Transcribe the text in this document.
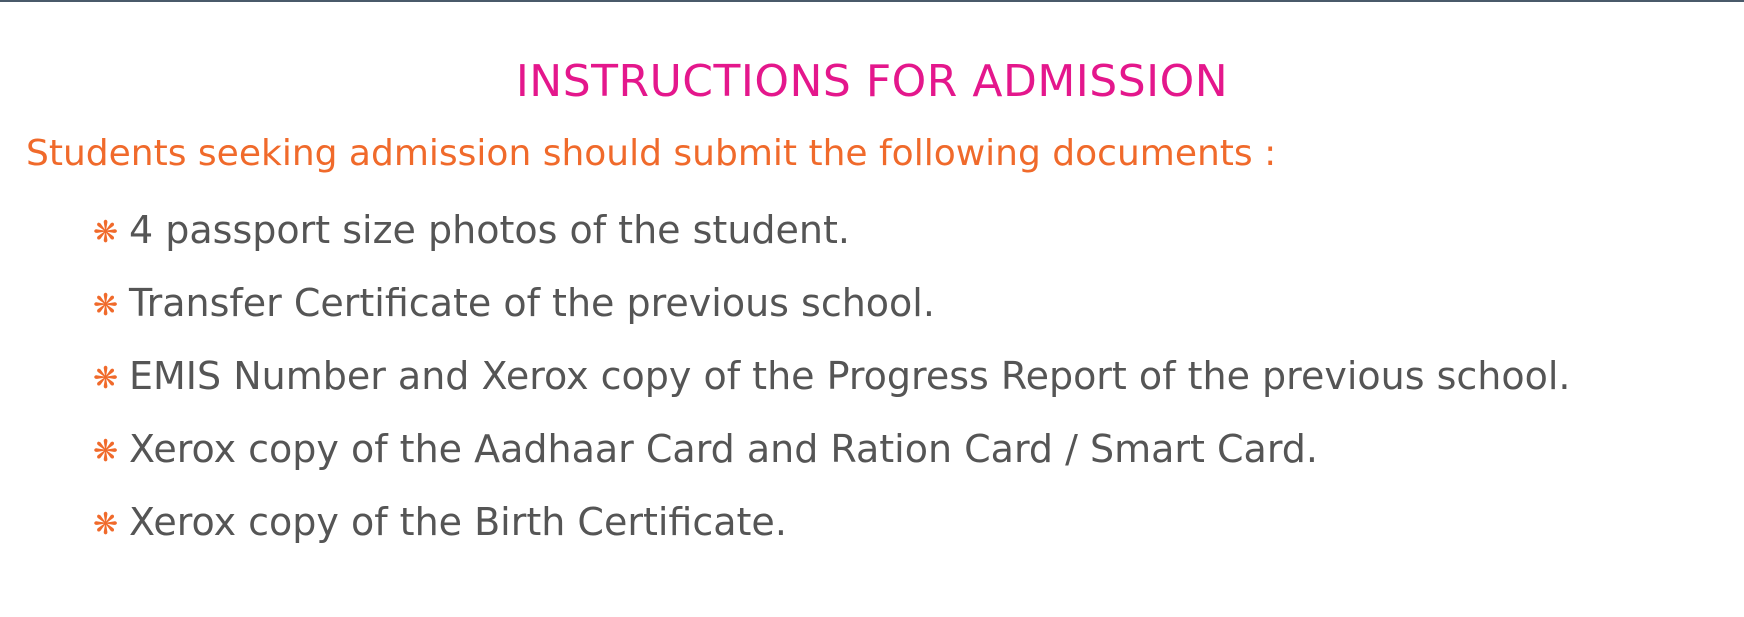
INSTRUCTIONS FOR ADMISSION
Students seeking admission should submit the following documents :
❋ 4 passport size photos of the student.
❋ Transfer Certificate of the previous school.
❋ EMIS Number and Xerox copy of the Progress Report of the previous school.
❋ Xerox copy of the Aadhaar Card and Ration Card / Smart Card.
❋ Xerox copy of the Birth Certificate.
